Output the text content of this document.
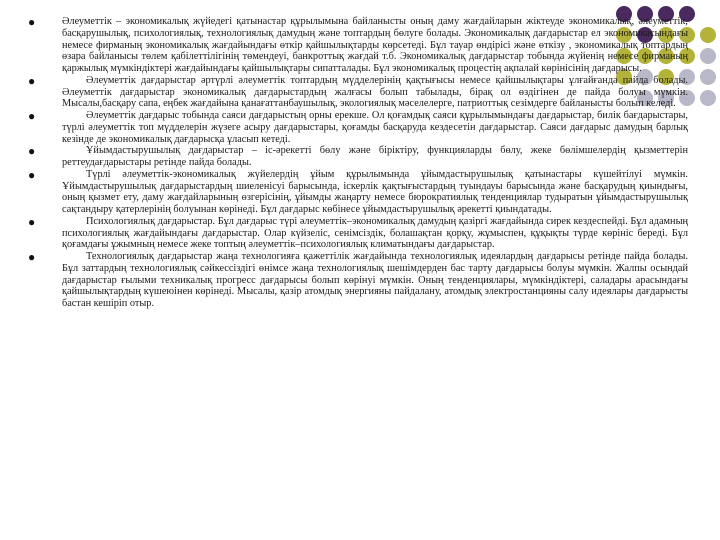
●	Әлеуметтік – экономикалық жүйедегі қатынастар құрылымына байланысты оның даму жағдайларын жіктеуде экономикалық, әлеуметтік, басқарушылық, психологиялық, технологиялық дамудың және топтардың бөлуге болады. Экономикалық дағдарыстар ел экономикасындағы немесе фирманың экономикалық жағдайындағы өткір қайшылықтарды көрсетеді. Бұл тауар өндірісі және өткізу , экономикалық топтардың өзара байланысы төлем қабілеттілігінің төмендеуі, банкроттық жағдай т.б. Экономикалық дағдарыстар тобында жүйенің немесе фирманың қаржылық мүмкіндіктері жағдайындағы қайшылықтары сипатталады. Бұл экономикалық процестің ақпалай көрінісінің дағдарысы.

●	Әлеуметтік дағдарыстар әртүрлі әлеуметтік топтардың мүдделерінің қақтығысы немесе қайшылықтары ұлғайғанда пайда болады. Әлеуметтік дағдарыстар экономикалық дағдарыстардың жалғасы болып табылады, бірақ ол өздігінен де пайда болуы мүмкін. Мысалы,басқару сапа, еңбек жағдайына қанағаттанбаушылық, экологиялық мәселелерге, патриоттық сезімдерге байланысты болып келеді.

●	Әлеуметтік дағдарыс тобында саяси дағдарыстың орны ерекше. Ол қоғамдық саяси құрылымындағы дағдарыстар, билік бағдарыстары, түрлі әлеуметтік топ мүдделерін жүзеге асыру дағдарыстары, қоғамды басқаруда кездесетін дағдарыстар. Саяси дағдарыс дамудың барлық кезінде де экономикалық дағдарысқа ұласып кетеді.

●	Ұйымдастырушылық дағдарыстар – іс-әрекетті бөлу және біріктіру, функцияларды бөлу, жеке бөлімшелердің қызметтерін реттеудағдарыстары ретінде пайда болады.

●	Түрлі әлеуметтік-экономикалық жүйелердің ұйым құрылымында ұйымдастырушылық қатынастары күшейтілуі мүмкін. Ұйымдастырушылық дағдарыстардың шиеленісуі барысында, іскерлік қақтығыстардың туындауы барысында және басқарудың қиындығы, оның қызмет ету, даму жағдайларының өзгерісінің, ұйымды жаңарту немесе бюрократиялық тенденциялар тудыратын ұйымдастырушылық сақтандыру қатерлерінің болуынан көрінеді. Бұл дағдарыс көбінесе ұйымдастырушылық әрекетті қиындатады.

●	Психологиялық дағдарыстар. Бұл дағдарыс түрі әлеуметтік–экономикалық дамудың қазіргі жағдайында сирек кездеспейді. Бұл адамның психологиялық жағдайындағы дағдарыстар. Олар күйзеліс, сенімсіздік, болашақтан қорқу, жұмыспен, құқықты түрде көрініс береді. Бұл қоғамдағы ұжымның немесе жеке топтың әлеуметтік–психологиялық климатындағы дағдарыстар.

●	Технологиялық дағдарыстар жаңа технологияға қажеттілік жағдайында технологиялық идеялардың дағдарысы ретінде пайда болады. Бұл заттардың технологиялық сәйкессіздігі өнімсе жаңа технологиялық шешімдерден бас тарту дағдарысы болуы мүмкін. Жалпы осындай дағдарыстар ғылыми техникалық прогресс дағдарысы болып көрінуі мүмкін. Оның тенденциялары, мүмкіндіктері, саладары арасындағы қайшылықтардың күшеюінен көрінеді. Мысалы, қазір атомдық энергияны пайдалану, атомдық электростанцияны салу идеялары дағдарысты бастан кешіріп отыр.
